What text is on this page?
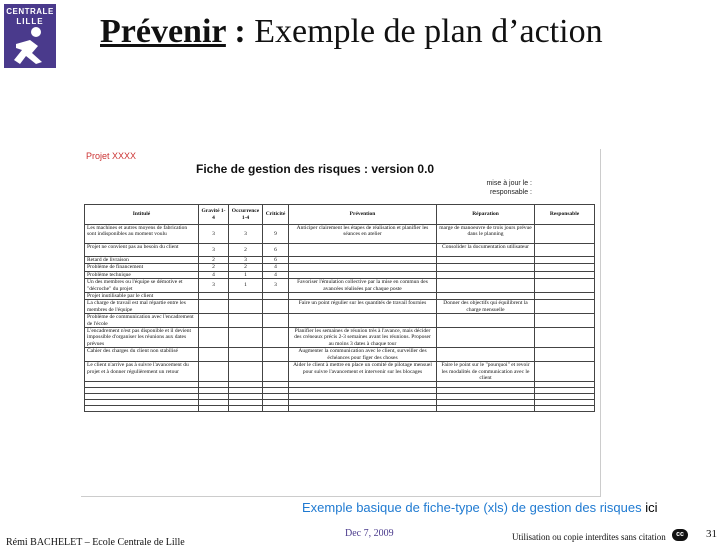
CENTRALE
LILLE	Prévenir : Exemple de plan d’action
Projet XXXX
Fiche de gestion des risques : version 0.0
mise à jour le :
responsable :
Intitulé	Gravité 1-4	Occurrence 1-4	Criticité	Prévention	Réparation	Responsable
Les machines et autres moyens de fabrication sont indisponibles au moment voulu	3	3	9	Anticiper clairement les étapes de réalisation et planifier les séances en atelier	marge de manoeuvre de trois jours prévue dans le planning	
Projet ne convient pas au besoin du client	3	2	6		Consolider la documentation utilisateur	
Retard de livraison	2	3	6			
Problème de financement	2	2	4			
Problème technique	4	1	4			
Un des membres ou l'équipe se démotive et "décroche" du projet	3	1	3	Favoriser l'émulation collective par la mise en commun des avancées réalisées par chaque poste		
Projet inutilisable par le client						
La charge de travail est mal répartie entre les membres de l'équipe				Faire un point régulier sur les quantités de travail fournies	Donner des objectifs qui équilibrent la charge mensuelle	
Problème de communication avec l'encadrement de l'école						
L'encadrement n'est pas disponible et il devient impossible d'organiser les réunions aux dates prévues				Planifier les semaines de réunion très à l'avance, mais décider des créneaux précis 2-3 semaines avant les réunions. Proposer au moins 3 dates à chaque tour		
Cahier des charges du client non stabilisé				Augmenter la communication avec le client, surveiller des échéances pour figer des choses		
Le client n'arrive pas à suivre l'avancement du projet et à donner régulièrement un retour				Aider le client à mettre en place un comité de pilotage mensuel pour suivre l'avancement et intervenir sur les blocages	Faire le point sur le "pourquoi" et revoir les modalités de communication avec le client	

Exemple basique de fiche-type (xls) de gestion des risques ici
Rémi BACHELET – Ecole Centrale de Lille
Dec 7, 2009	Utilisation ou copie interdites sans citation	cc	31
